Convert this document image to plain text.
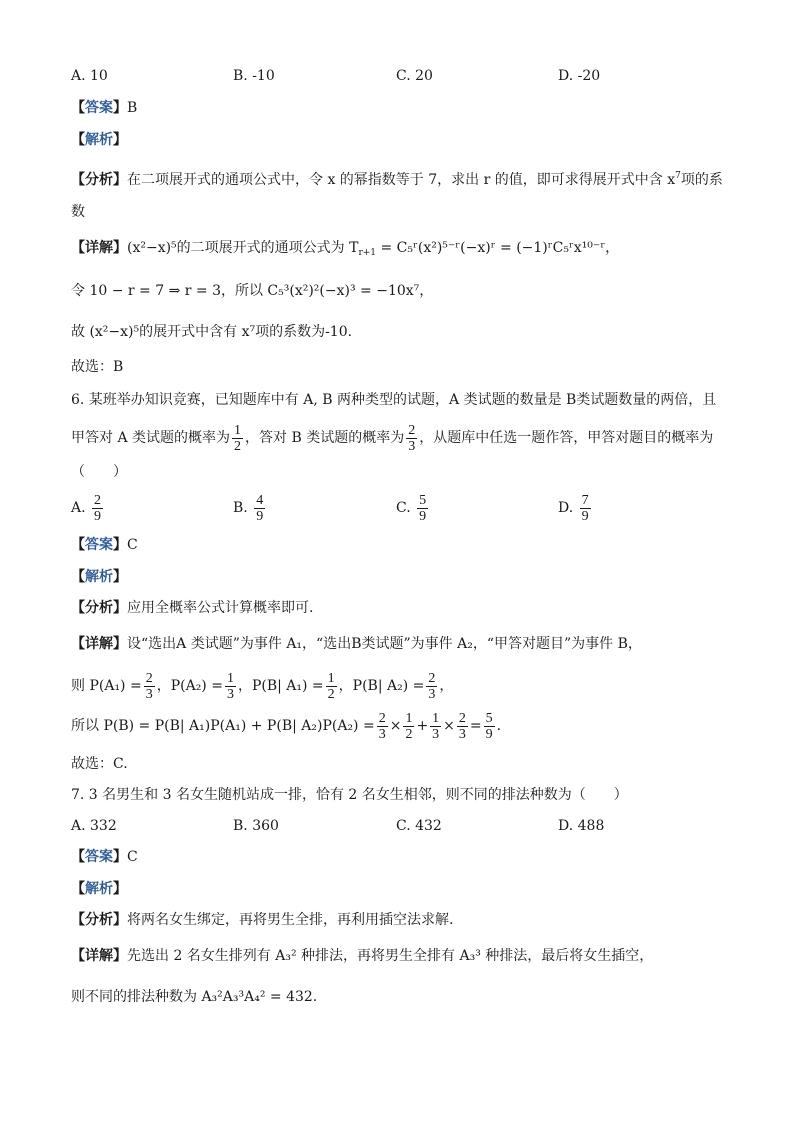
A. 10	B. -10	C. 20	D. -20
【答案】B
【解析】
【分析】在二项展开式的通项公式中，令 x 的幂指数等于 7，求出 r 的值，即可求得展开式中含 $x^7$项的系
数
【详解】(x²−x)⁵的二项展开式的通项公式为 $T_{r+1}$ = C₅ʳ(x²)⁵⁻ʳ(−x)ʳ = (−1)ʳC₅ʳx¹⁰⁻ʳ，
令 10 − r = 7 ⇒ r = 3，所以 C₅³(x²)²(−x)³ = −10x⁷，
故 (x²−x)⁵的展开式中含有 x⁷项的系数为-10.
故选：B
6. 某班举办知识竞赛，已知题库中有 A, B 两种类型的试题，A 类试题的数量是 B类试题数量的两倍，且
甲答对 A 类试题的概率为 $\frac{1}{2}$ ，答对 B 类试题的概率为 $\frac{2}{3}$ ，从题库中任选一题作答，甲答对题目的概率为
（　　）
A.
$\frac{2}{9}$	B.
$\frac{4}{9}$	C.
$\frac{5}{9}$	D.
$\frac{7}{9}$
【答案】C
【解析】
【分析】应用全概率公式计算概率即可.
【详解】设“选出A 类试题”为事件 A₁，“选出B类试题”为事件 A₂，“甲答对题目”为事件 B，
则 $P(A_1) = \frac{2}{3}$ ，$P(A_2) = \frac{1}{3}$ ，P(B| $A_1) = \frac{1}{2}$ ，P(B| $A_2) = \frac{2}{3}$ ，
所以 P(B) = P(B| A₁)P(A₁) + P(B| $A_2)P(A_2) = \frac{2}{3} \times \frac{1}{2} + \frac{1}{3} \times \frac{2}{3} = \frac{5}{9}$ .
故选：C.
7. 3 名男生和 3 名女生随机站成一排，恰有 2 名女生相邻，则不同的排法种数为（　　）
A. 332	B. 360	C. 432	D. 488
【答案】C
【解析】
【分析】将两名女生绑定，再将男生全排，再利用插空法求解.
【详解】先选出 2 名女生排列有 A₃² 种排法，再将男生全排有 A₃³ 种排法，最后将女生插空，
则不同的排法种数为 A₃²A₃³A₄² = 432.
